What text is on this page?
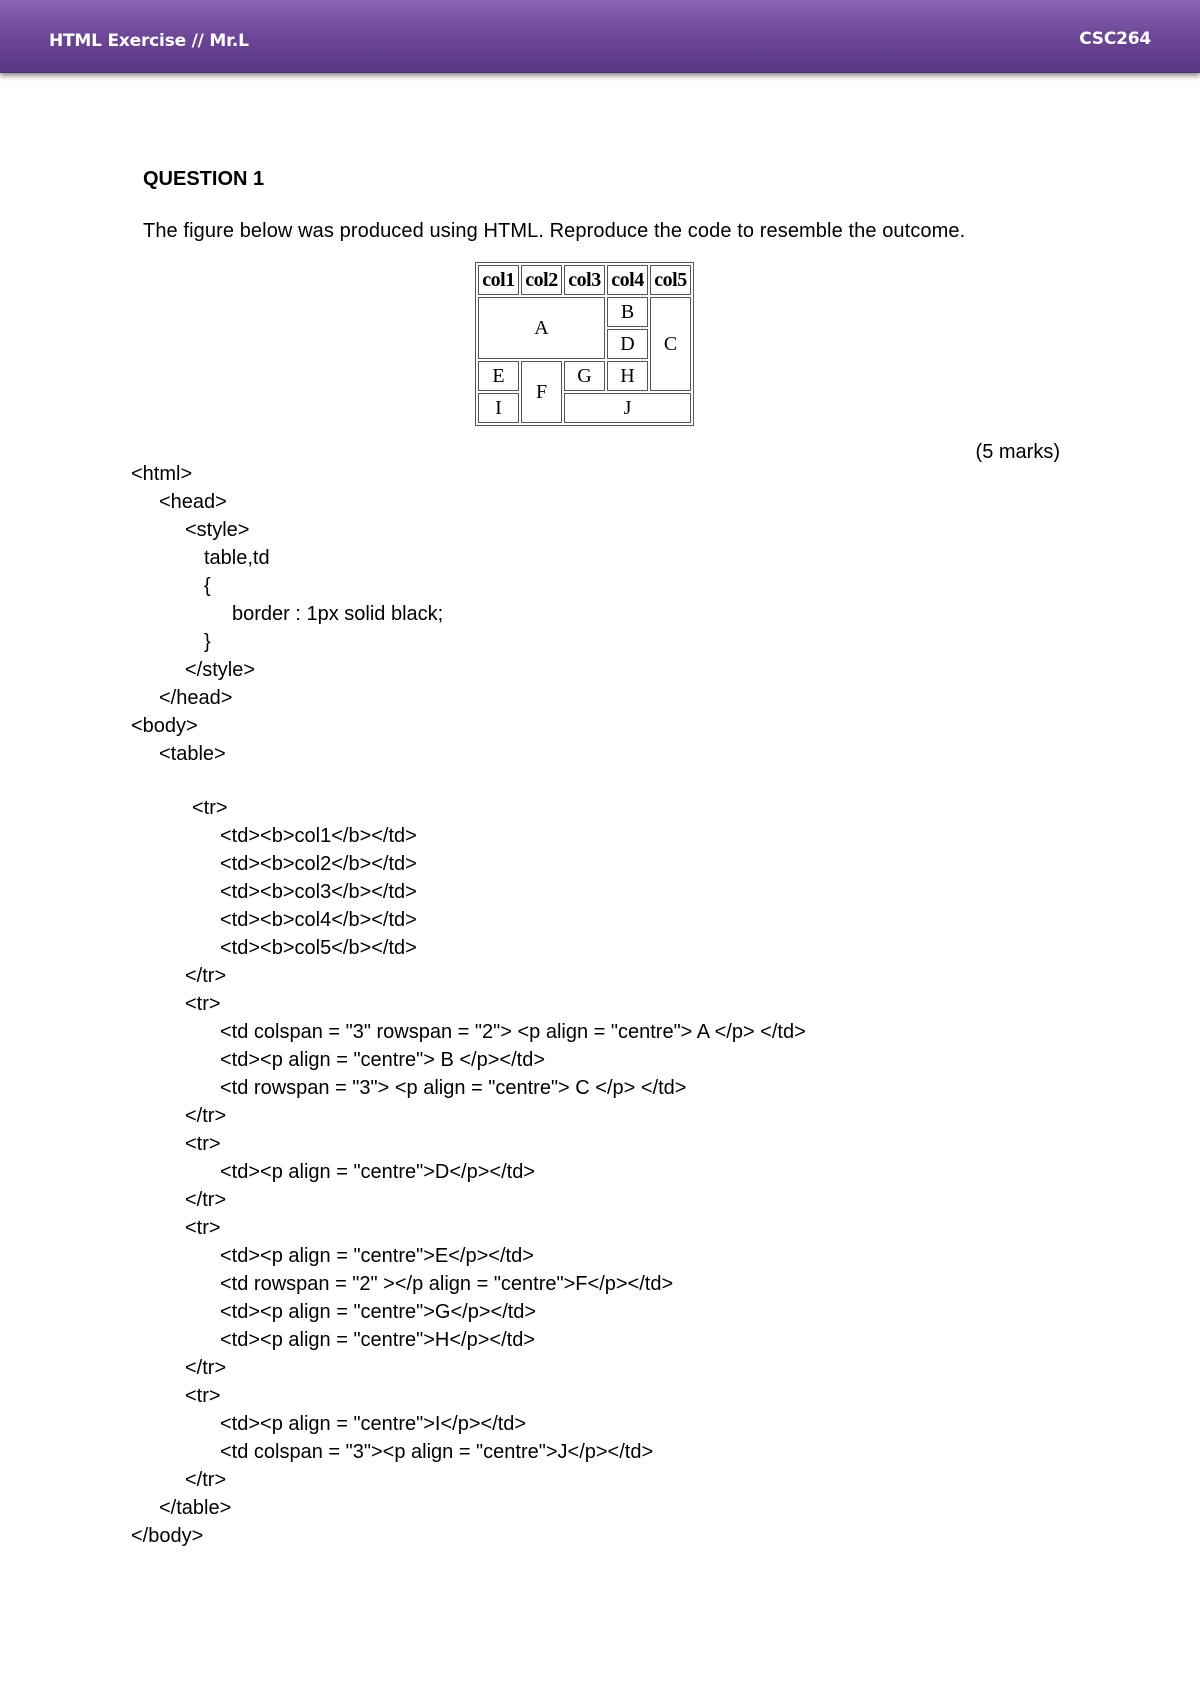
HTML Exercise // Mr.L	CSC264
QUESTION 1
The figure below was produced using HTML. Reproduce the code to resemble the outcome.
col1	col2	col3	col4	col5
A			B	C
			D	
E	F	G	H	
I		J		
(5 marks)
<html>
<head>
<style>
table,td
{
border : 1px solid black;
}
</style>
</head>
<body>
<table>
<tr>
<td><b>col1</b></td>
<td><b>col2</b></td>
<td><b>col3</b></td>
<td><b>col4</b></td>
<td><b>col5</b></td>
</tr>
<tr>
<td colspan = "3" rowspan = "2"> <p align = "centre"> A </p> </td>
<td><p align = "centre"> B </p></td>
<td rowspan = "3"> <p align = "centre"> C </p> </td>
</tr>
<tr>
<td><p align = "centre">D</p></td>
</tr>
<tr>
<td><p align = "centre">E</p></td>
<td rowspan = "2" ></p align = "centre">F</p></td>
<td><p align = "centre">G</p></td>
<td><p align = "centre">H</p></td>
</tr>
<tr>
<td><p align = "centre">I</p></td>
<td colspan = "3"><p align = "centre">J</p></td>
</tr>
</table>
</body>
